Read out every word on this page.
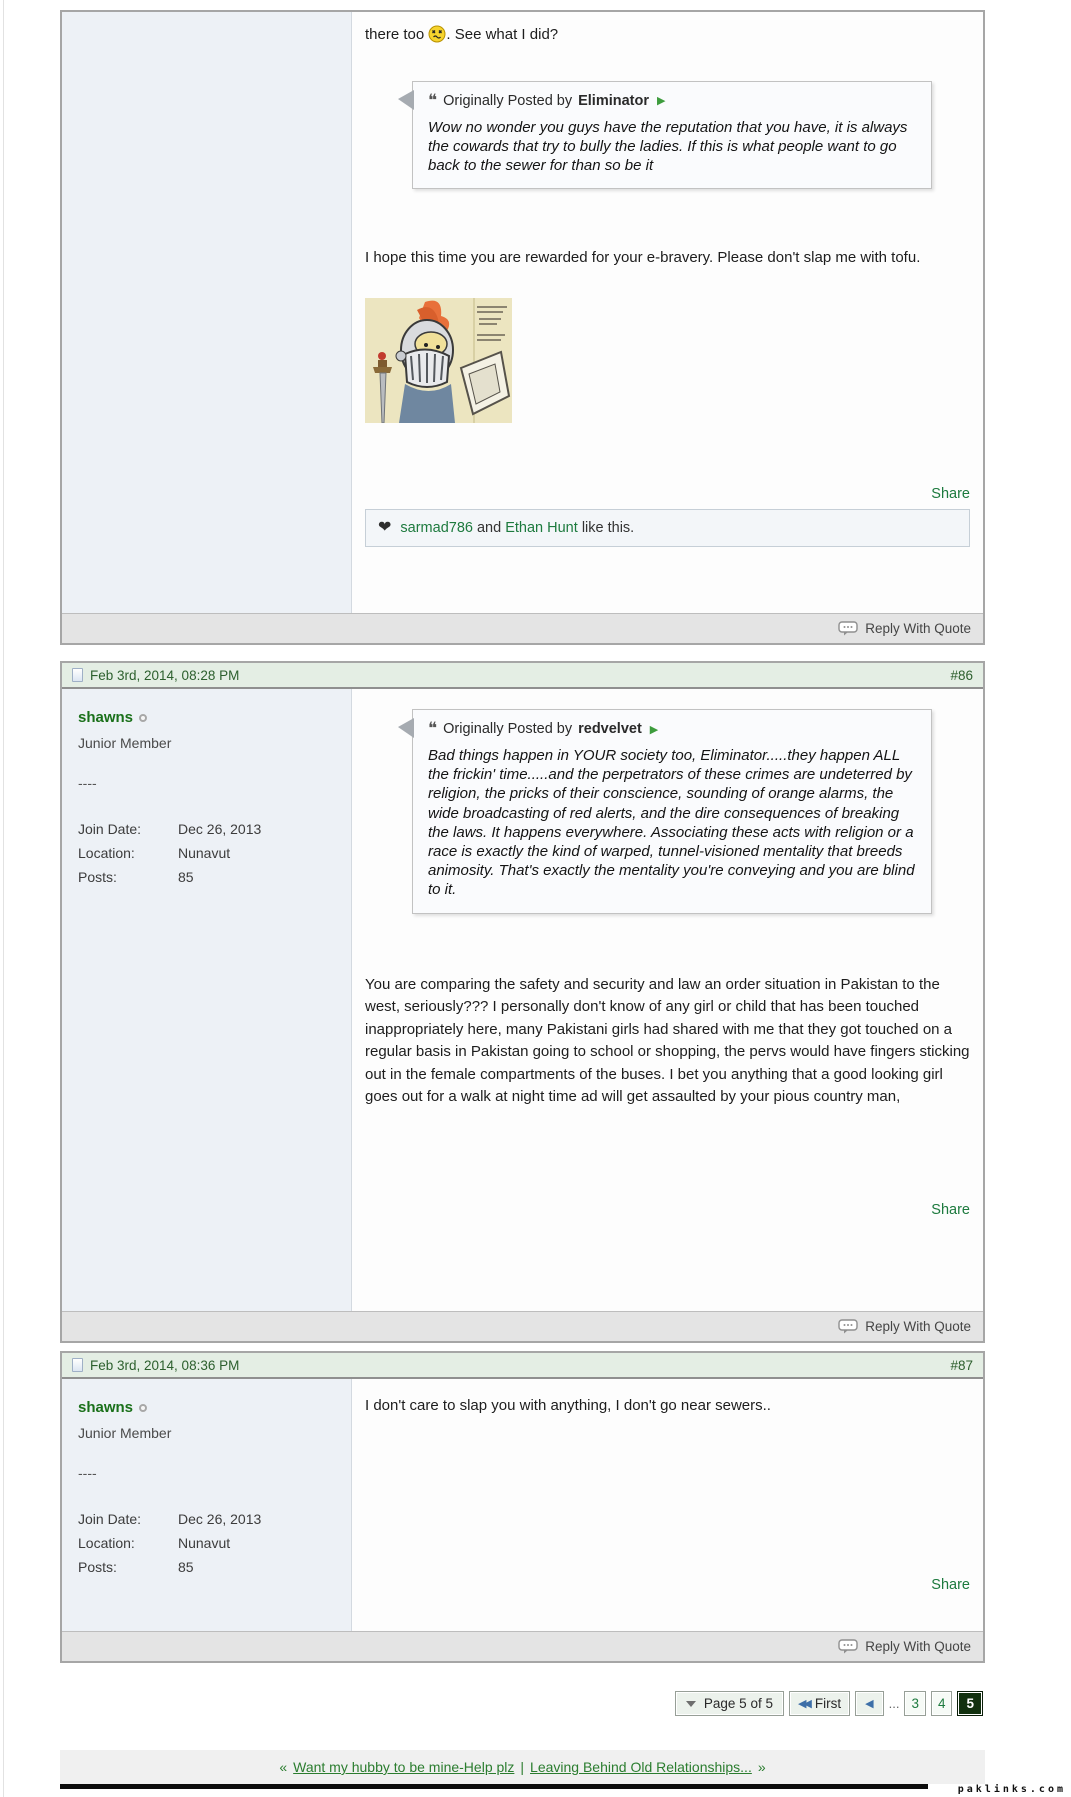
there too . See what I did?
❝ Originally Posted by Eliminator ▶
Wow no wonder you guys have the reputation that you have, it is always the cowards that try to bully the ladies. If this is what people want to go back to the sewer for than so be it
I hope this time you are rewarded for your e-bravery. Please don't slap me with tofu.
Share
❤ sarmad786 and Ethan Hunt like this.
Reply With Quote
Feb 3rd, 2014, 08:28 PM	#86
shawns
Junior Member
----
Join Date:	Dec 26, 2013
Location:	Nunavut
Posts:	85
❝ Originally Posted by redvelvet ▶
Bad things happen in YOUR society too, Eliminator.....they happen ALL the frickin' time.....and the perpetrators of these crimes are undeterred by religion, the pricks of their conscience, sounding of orange alarms, the wide broadcasting of red alerts, and the dire consequences of breaking the laws. It happens everywhere. Associating these acts with religion or a race is exactly the kind of warped, tunnel-visioned mentality that breeds animosity. That's exactly the mentality you're conveying and you are blind to it.
You are comparing the safety and security and law an order situation in Pakistan to the west, seriously??? I personally don't know of any girl or child that has been touched inappropriately here, many Pakistani girls had shared with me that they got touched on a regular basis in Pakistan going to school or shopping, the pervs would have fingers sticking out in the female compartments of the buses. I bet you anything that a good looking girl goes out for a walk at night time ad will get assaulted by your pious country man,
Share
Reply With Quote
Feb 3rd, 2014, 08:36 PM	#87
shawns
Junior Member
----
Join Date:	Dec 26, 2013
Location:	Nunavut
Posts:	85
I don't care to slap you with anything, I don't go near sewers..
Share
Reply With Quote
Page 5 of 5 ◀◀ First ◀ ... 3	4	5
« Want my hubby to be mine-Help plz | Leaving Behind Old Relationships... »
paklinks.com
